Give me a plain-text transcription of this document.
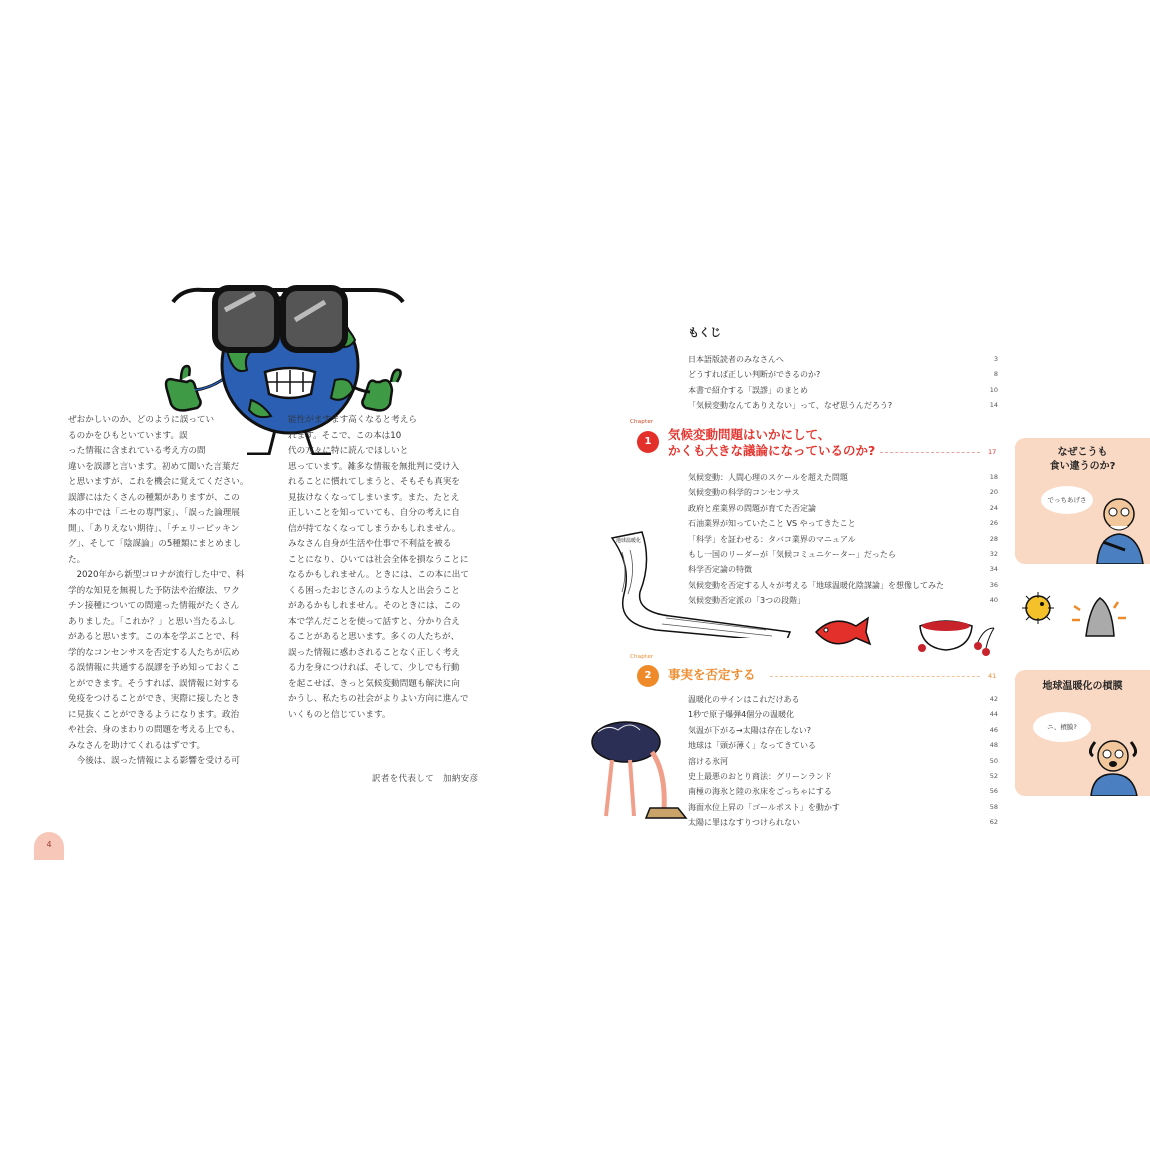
ぜおかしいのか、どのように誤ってい

るのかをひもといています。誤

った情報に含まれている考え方の間

違いを誤謬と言います。初めて聞いた言葉だ

と思いますが、これを機会に覚えてください。

誤謬にはたくさんの種類がありますが、この

本の中では「ニセの専門家」、「誤った論理展

開」、「ありえない期待」、「チェリーピッキン

グ」、そして「陰謀論」の5種類にまとめまし

た。

2020年から新型コロナが流行した中で、科

学的な知見を無視した予防法や治療法、ワク

チン接種についての間違った情報がたくさん

ありました。「これか？」と思い当たるふし

があると思います。この本を学ぶことで、科

学的なコンセンサスを否定する人たちが広め

る誤情報に共通する誤謬を予め知っておくこ

とができます。そうすれば、誤情報に対する

免疫をつけることができ、実際に接したとき

に見抜くことができるようになります。政治

や社会、身のまわりの問題を考える上でも、

みなさんを助けてくれるはずです。

今後は、誤った情報による影響を受ける可

能性がますます高くなると考えら

れます。そこで、この本は10

代の方々に特に読んでほしいと

思っています。雑多な情報を無批判に受け入

れることに慣れてしまうと、そもそも真実を

見抜けなくなってしまいます。また、たとえ

正しいことを知っていても、自分の考えに自

信が持てなくなってしまうかもしれません。

みなさん自身が生活や仕事で不利益を被る

ことになり、ひいては社会全体を損なうことに

なるかもしれません。ときには、この本に出て

くる困ったおじさんのような人と出会うこと

があるかもしれません。そのときには、この

本で学んだことを使って話すと、分かり合え

ることがあると思います。多くの人たちが、

誤った情報に惑わされることなく正しく考え

る力を身につければ、そして、少しでも行動

を起こせば、きっと気候変動問題も解決に向

かうし、私たちの社会がよりよい方向に進んで

いくものと信じています。

訳者を代表して　加納安彦
4
もくじ
日本語版読者のみなさんへ	3
どうすれば正しい判断ができるのか?	8
本書で紹介する「誤謬」のまとめ	10
「気候変動なんてありえない」って、なぜ思うんだろう?	14
Chapter
1	気候変動問題はいかにして、
かくも大きな議論になっているのか?	17
気候変動：人間心理のスケールを超えた問題	18
気候変動の科学的コンセンサス	20
政府と産業界の問題が育てた否定論	24
石油業界が知っていたこと VS やってきたこと	26
「科学」を証わせる：タバコ業界のマニュアル	28
もし一国のリーダーが「気候コミュニケーター」だったら	32
科学否定論の特徴	34
気候変動を否定する人々が考える「地球温暖化陰謀論」を想像してみた	36
気候変動否定派の「3つの段階」	40
Chapter
2	事実を否定する	41
温暖化のサインはこれだけある	42
1秒で原子爆弾4個分の温暖化	44
気温が下がる→太陽は存在しない?	46
地球は「頭が薄く」なってきている	48
溶ける氷河	50
史上最悪のおとり商法：グリーンランド	52
南極の海氷と陸の氷床をごっちゃにする	56
海面水位上昇の「ゴールポスト」を動かす	58
太陽に罪はなすりつけられない	62
地球温暖化
なぜこうも
食い違うのか?
でっちあげさ
地球温暖化の槓膜
ニ、槓膜?
